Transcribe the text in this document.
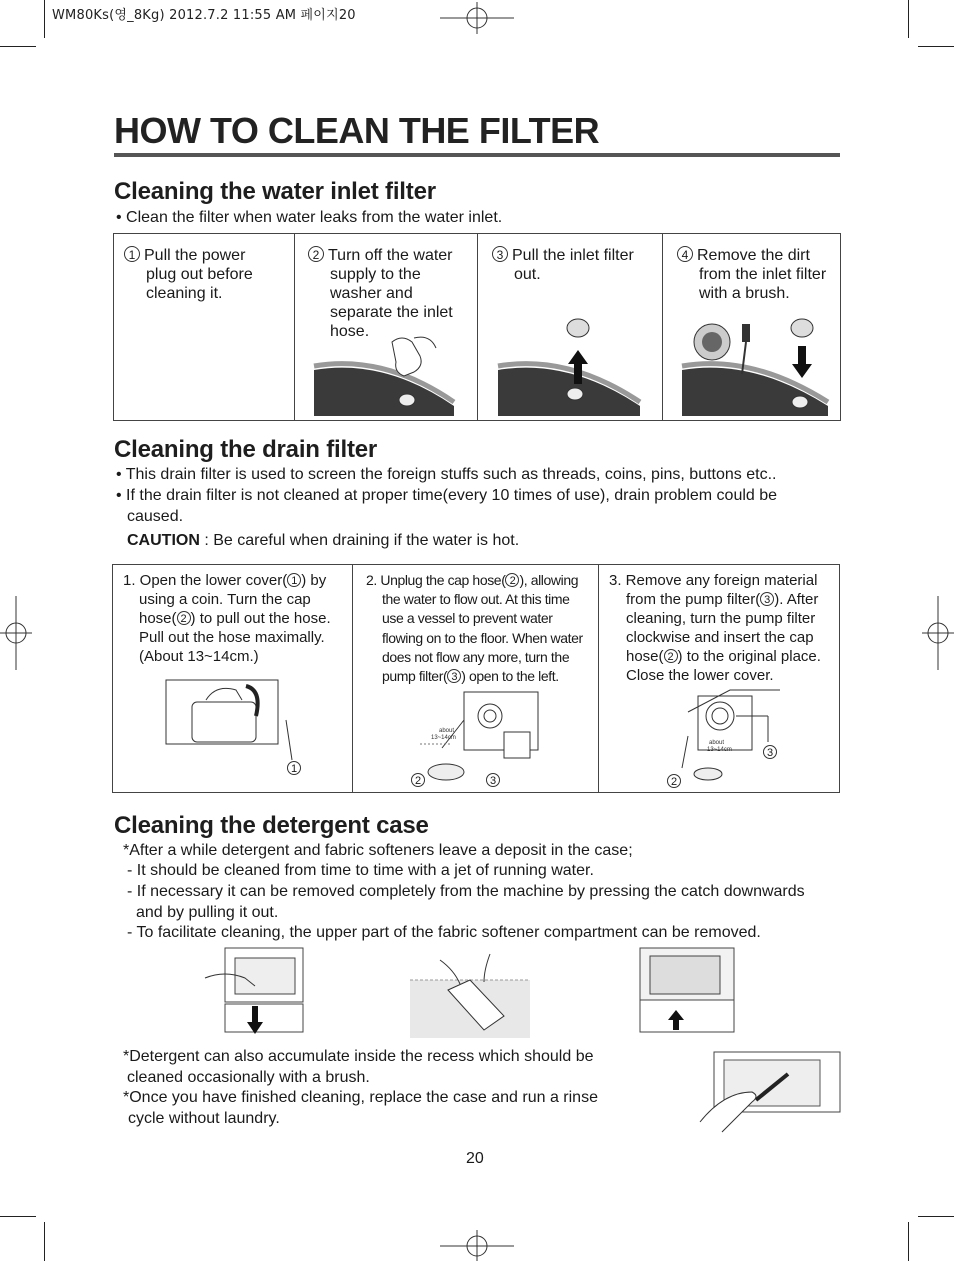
WM80Ks(영_8Kg) 2012.7.2 11:55 AM 페이지20
HOW TO CLEAN THE FILTER
Cleaning the water inlet filter
• Clean the filter when water leaks from the water inlet.
1 Pull the power
plug out before
cleaning it.
2 Turn off the water
supply to the
washer and
separate the inlet
hose.
3 Pull the inlet filter
out.
4 Remove the dirt
from the inlet filter
with a brush.
Cleaning the drain filter
• This drain filter is used to screen the foreign stuffs such as threads, coins, pins, buttons etc..
• If the drain filter is not cleaned at proper time(every 10 times of use), drain problem could be
caused.
CAUTION : Be careful when draining if the water is hot.
1. Open the lower cover( 1 ) by
using a coin. Turn the cap
hose( 2 ) to pull out the hose.
Pull out the hose maximally.
(About 13~14cm.)
2. Unplug the cap hose( 2 ), allowing
the water to flow out. At this time
use a vessel to prevent water
flowing on to the floor. When water
does not flow any more, turn the
pump filter( 3 ) open to the left.
3. Remove any foreign material
from the pump filter( 3 ). After
cleaning, turn the pump filter
clockwise and insert the cap
hose( 2 ) to the original place.
Close the lower cover.
1
about
13~14cm
2	3
about
13~14cm
2
3
Cleaning the detergent case
*After a while detergent and fabric softeners leave a deposit in the case;
- It should be cleaned from time to time with a jet of running water.
- If necessary it can be removed completely from the machine by pressing the catch downwards
and by pulling it out.
- To facilitate cleaning, the upper part of the fabric softener compartment can be removed.
*Detergent can also accumulate inside the recess which should be
cleaned occasionally with a brush.
*Once you have finished cleaning, replace the case and run a rinse
cycle without laundry.
20
